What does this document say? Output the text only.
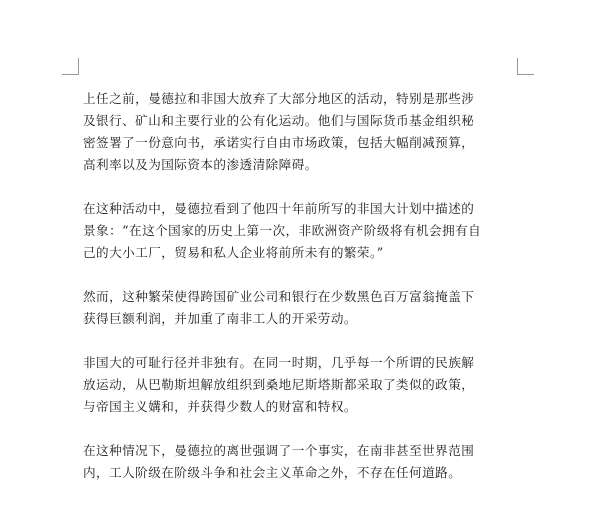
上任之前，曼德拉和非国大放弃了大部分地区的活动，特别是那些涉
及银行、矿山和主要行业的公有化运动。他们与国际货币基金组织秘
密签署了一份意向书，承诺实行自由市场政策，包括大幅削减预算，
高利率以及为国际资本的渗透清除障碍。

在这种活动中，曼德拉看到了他四十年前所写的非国大计划中描述的
景象：“在这个国家的历史上第一次，非欧洲资产阶级将有机会拥有自
己的大小工厂，贸易和私人企业将前所未有的繁荣。”

然而，这种繁荣使得跨国矿业公司和银行在少数黑色百万富翁掩盖下
获得巨额利润，并加重了南非工人的开采劳动。

非国大的可耻行径并非独有。在同一时期，几乎每一个所谓的民族解
放运动，从巴勒斯坦解放组织到桑地尼斯塔斯都采取了类似的政策，
与帝国主义媾和，并获得少数人的财富和特权。

在这种情况下，曼德拉的离世强调了一个事实，在南非甚至世界范围
内，工人阶级在阶级斗争和社会主义革命之外，不存在任何道路。
